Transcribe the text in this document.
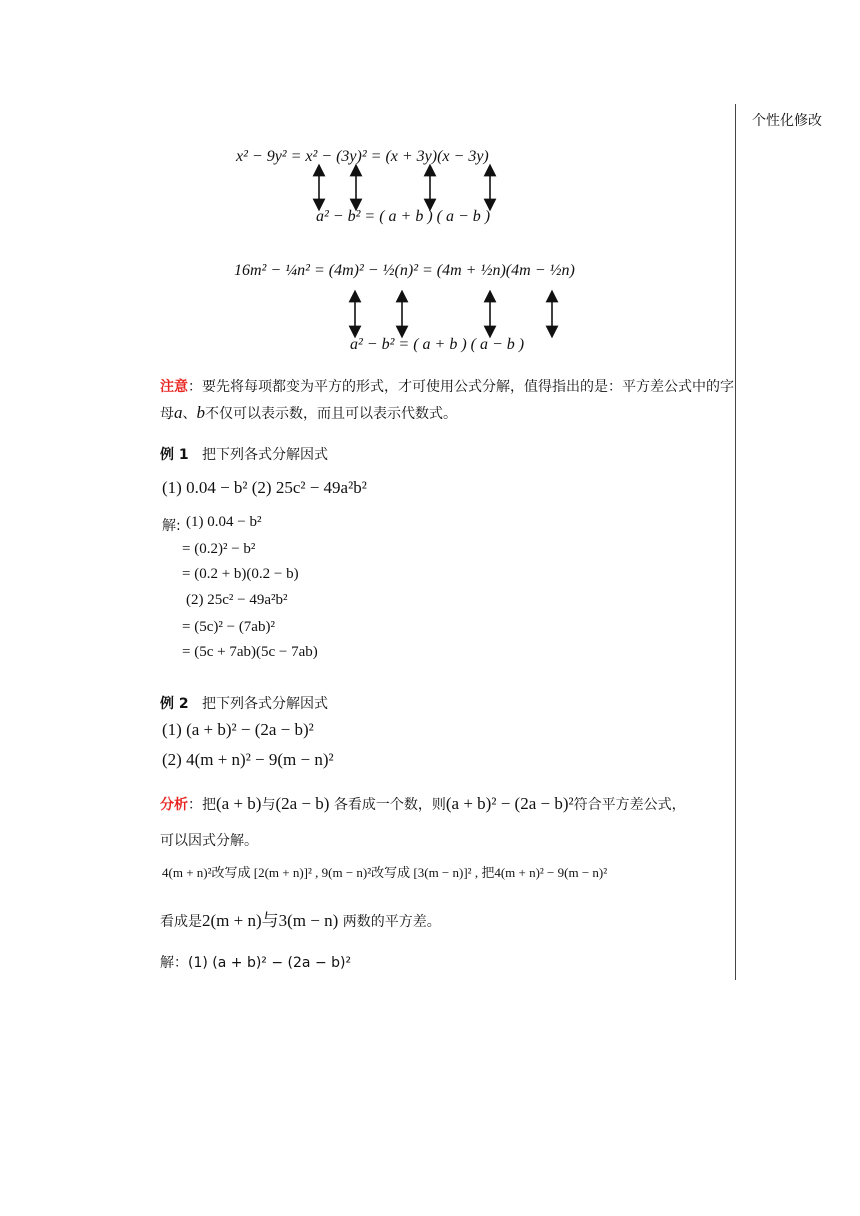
个性化修改
x² − 9y² = x² − (3y)² = (x + 3y)(x − 3y)
a² − b² = ( a + b ) ( a − b )
16m² − ¼n² = (4m)² − ½(n)² = (4m + ½n)(4m − ½n)
a² − b² = ( a + b ) ( a − b )
注意：要先将每项都变为平方的形式，才可使用公式分解，值得指出的是：平方差公式中的字母a、b不仅可以表示数，而且可以表示代数式。
例 1 把下列各式分解因式
(1) 0.04 − b² (2) 25c² − 49a²b²
解: (1) 0.04 − b²
= (0.2)² − b²
= (0.2 + b)(0.2 − b)
(2) 25c² − 49a²b²
= (5c)² − (7ab)²
= (5c + 7ab)(5c − 7ab)
例 2 把下列各式分解因式
(1) (a + b)² − (2a − b)²
(2) 4(m + n)² − 9(m − n)²
分析：把(a + b)与(2a − b) 各看成一个数，则(a + b)² − (2a − b)²符合平方差公式，
可以因式分解。
4(m + n)²改写成 [2(m + n)]² , 9(m − n)²改写成 [3(m − n)]² , 把4(m + n)² − 9(m − n)²
看成是2(m + n)与3(m − n) 两数的平方差。
解：(1) (a + b)² − (2a − b)²
